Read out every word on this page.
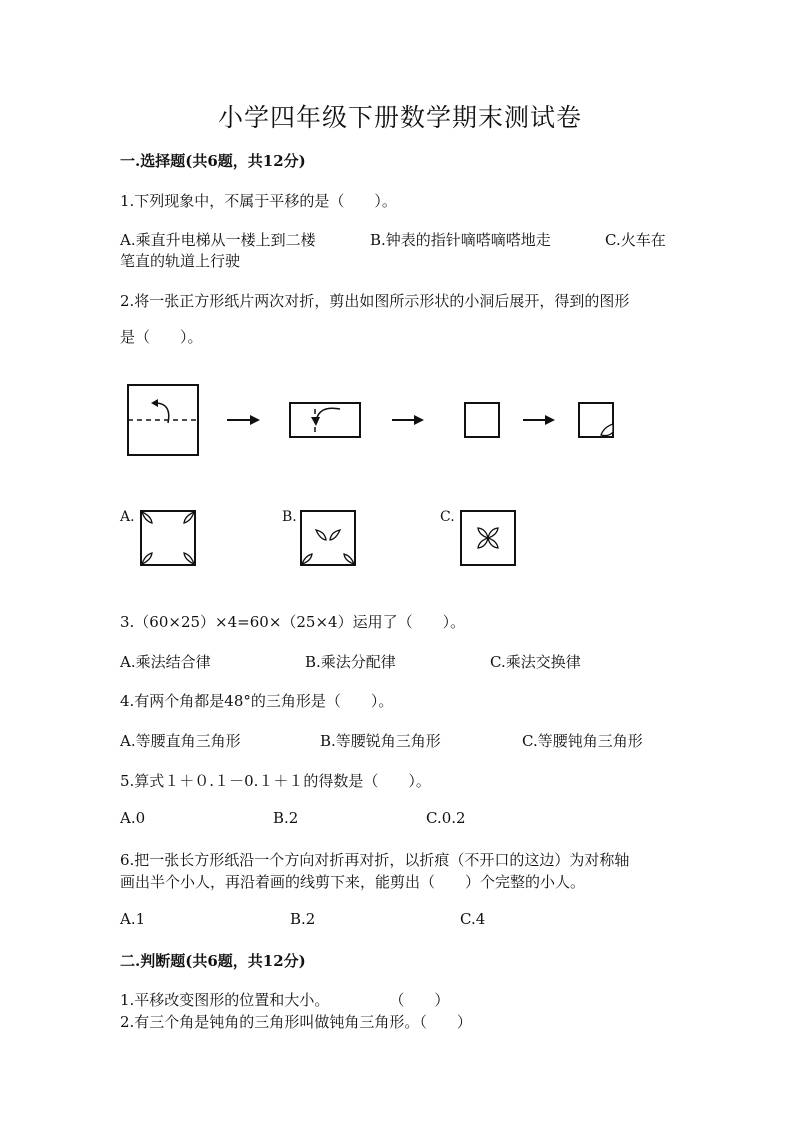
小学四年级下册数学期末测试卷
一.选择题(共6题，共12分)
1.下列现象中，不属于平移的是（　　）。
A.乘直升电梯从一楼上到二楼	B.钟表的指针嘀嗒嘀嗒地走	C.火车在
笔直的轨道上行驶
2.将一张正方形纸片两次对折，剪出如图所示形状的小洞后展开，得到的图形
是（　　）。
A.	B.	C.
3.（60×25）×4=60×（25×4）运用了（　　）。
A.乘法结合律	B.乘法分配律	C.乘法交换律
4.有两个角都是48°的三角形是（　　）。
A.等腰直角三角形	B.等腰锐角三角形	C.等腰钝角三角形
5.算式１＋０.１－0.１＋１的得数是（　　）。
A.0	B.2	C.0.2
6.把一张长方形纸沿一个方向对折再对折，以折痕（不开口的这边）为对称轴
画出半个小人，再沿着画的线剪下来，能剪出（　　）个完整的小人。
A.1	B.2	C.4
二.判断题(共6题，共12分)
1.平移改变图形的位置和大小。　　　　　（　　）
2.有三个角是钝角的三角形叫做钝角三角形。（　　）
